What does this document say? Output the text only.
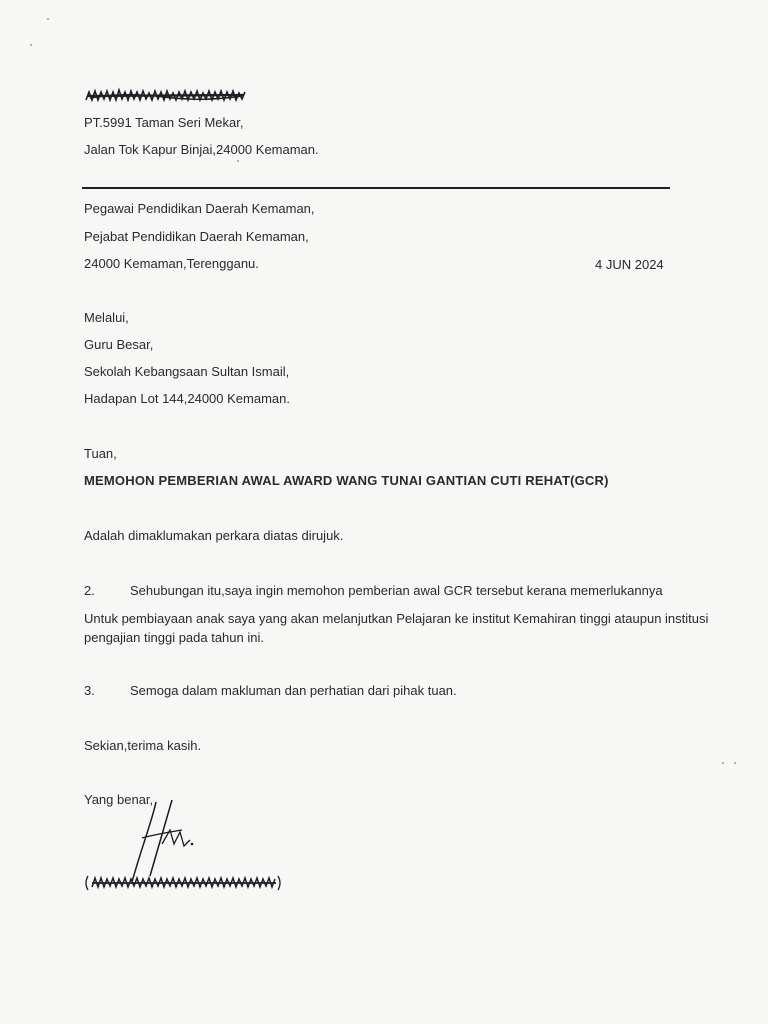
PT.5991 Taman Seri Mekar,
Jalan Tok Kapur Binjai,24000 Kemaman.
Pegawai Pendidikan Daerah Kemaman,
Pejabat Pendidikan Daerah Kemaman,
24000 Kemaman,Terengganu.	4 JUN 2024
Melalui,
Guru Besar,
Sekolah Kebangsaan Sultan Ismail,
Hadapan Lot 144,24000 Kemaman.
Tuan,
MEMOHON PEMBERIAN AWAL AWARD WANG TUNAI GANTIAN CUTI REHAT(GCR)
Adalah dimaklumakan perkara diatas dirujuk.
2.	Sehubungan itu,saya ingin memohon pemberian awal GCR tersebut kerana memerlukannya
Untuk pembiayaan anak saya yang akan melanjutkan Pelajaran ke institut Kemahiran tinggi ataupun institusi pengajian tinggi pada tahun ini.
3.	Semoga dalam makluman dan perhatian dari pihak tuan.
Sekian,terima kasih.
Yang benar,
